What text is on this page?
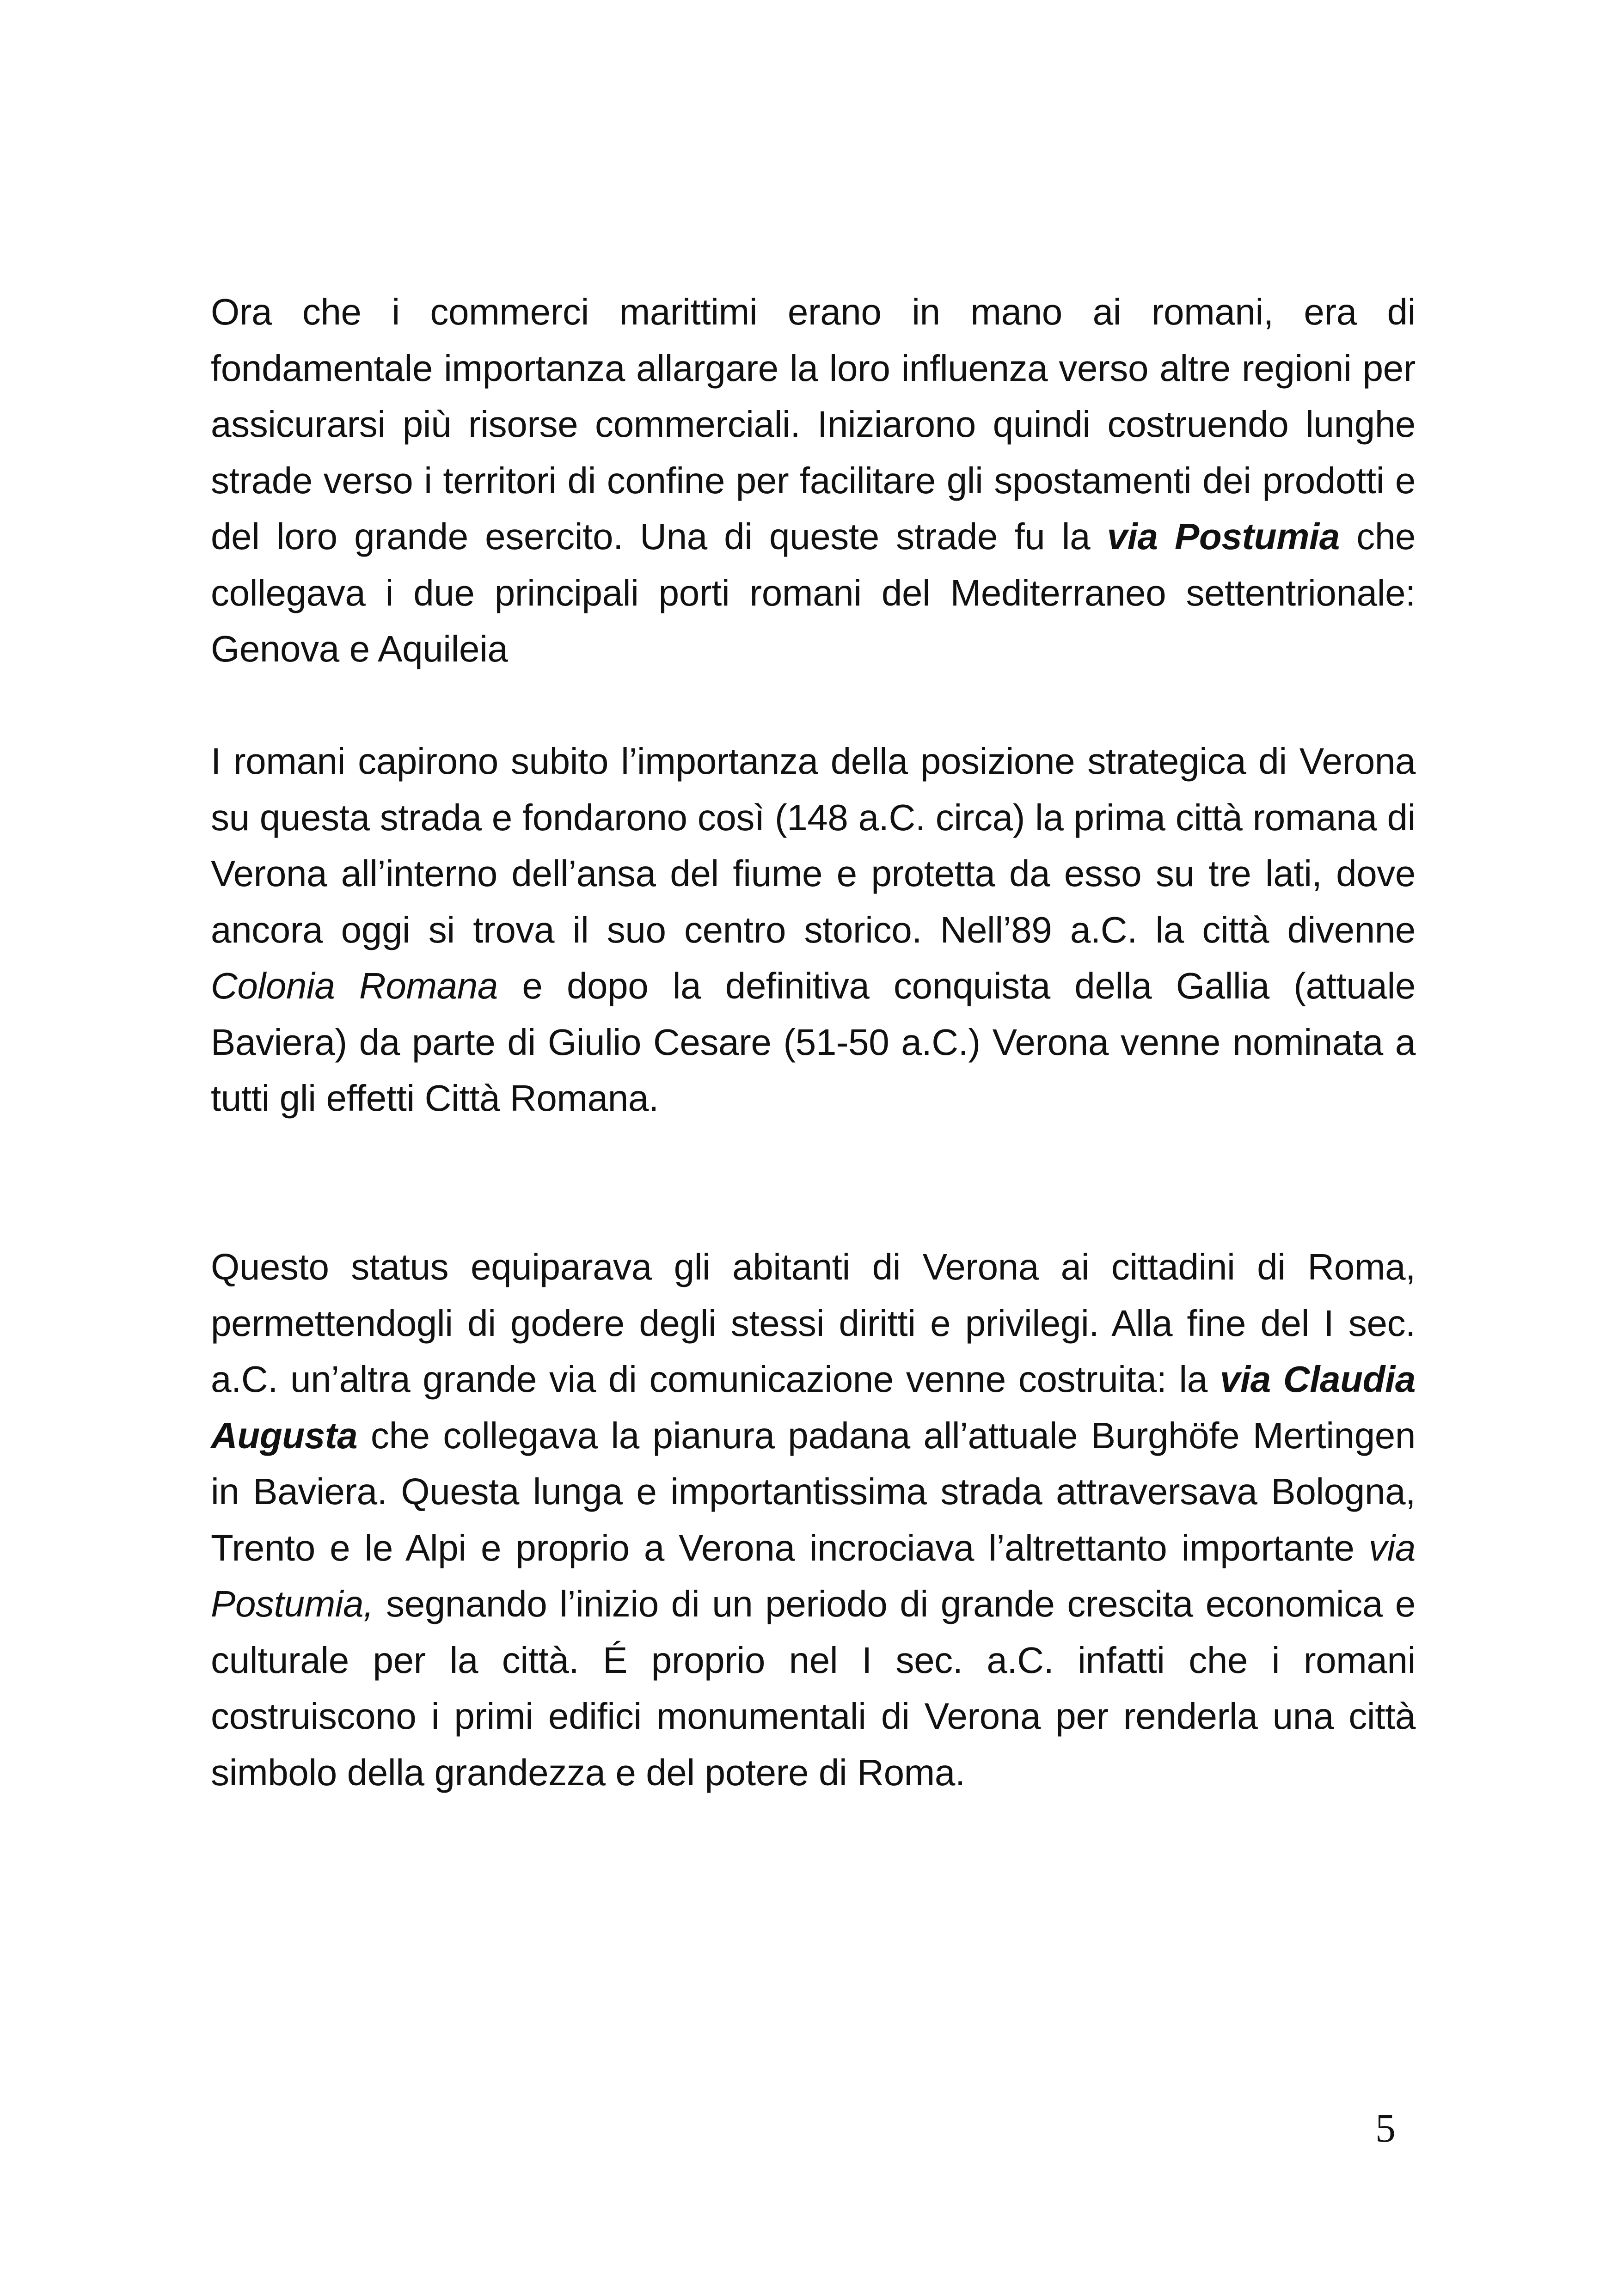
Ora che i commerci marittimi erano in mano ai romani, era di fondamentale importanza allargare la loro influenza verso altre regioni per assicurarsi più risorse commerciali. Iniziarono quindi costruendo lunghe strade verso i territori di confine per facilitare gli spostamenti dei prodotti e del loro grande esercito. Una di queste strade fu la via Postumia che collegava i due principali porti romani del Mediterraneo settentrionale: Genova e Aquileia

I romani capirono subito l’importanza della posizione strategica di Verona su questa strada e fondarono così (148 a.C. circa) la prima città romana di Verona all’interno dell’ansa del fiume e protetta da esso su tre lati, dove ancora oggi si trova il suo centro storico. Nell’89 a.C. la città divenne Colonia Romana e dopo la definitiva conquista della Gallia (attuale Baviera) da parte di Giulio Cesare (51-50 a.C.) Verona venne nominata a tutti gli effetti Città Romana.

Questo status equiparava gli abitanti di Verona ai cittadini di Roma, permettendogli di godere degli stessi diritti e privilegi. Alla fine del I sec. a.C. un’altra grande via di comunicazione venne costruita: la via Claudia Augusta che collegava la pianura padana all’attuale Burghöfe Mertingen in Baviera. Questa lunga e importantissima strada attraversava Bologna, Trento e le Alpi e proprio a Verona incrociava l’altrettanto importante via Postumia, segnando l’inizio di un periodo di grande crescita economica e culturale per la città. É proprio nel I sec. a.C. infatti che i romani costruiscono i primi edifici monumentali di Verona per renderla una città simbolo della grandezza e del potere di Roma.

5
